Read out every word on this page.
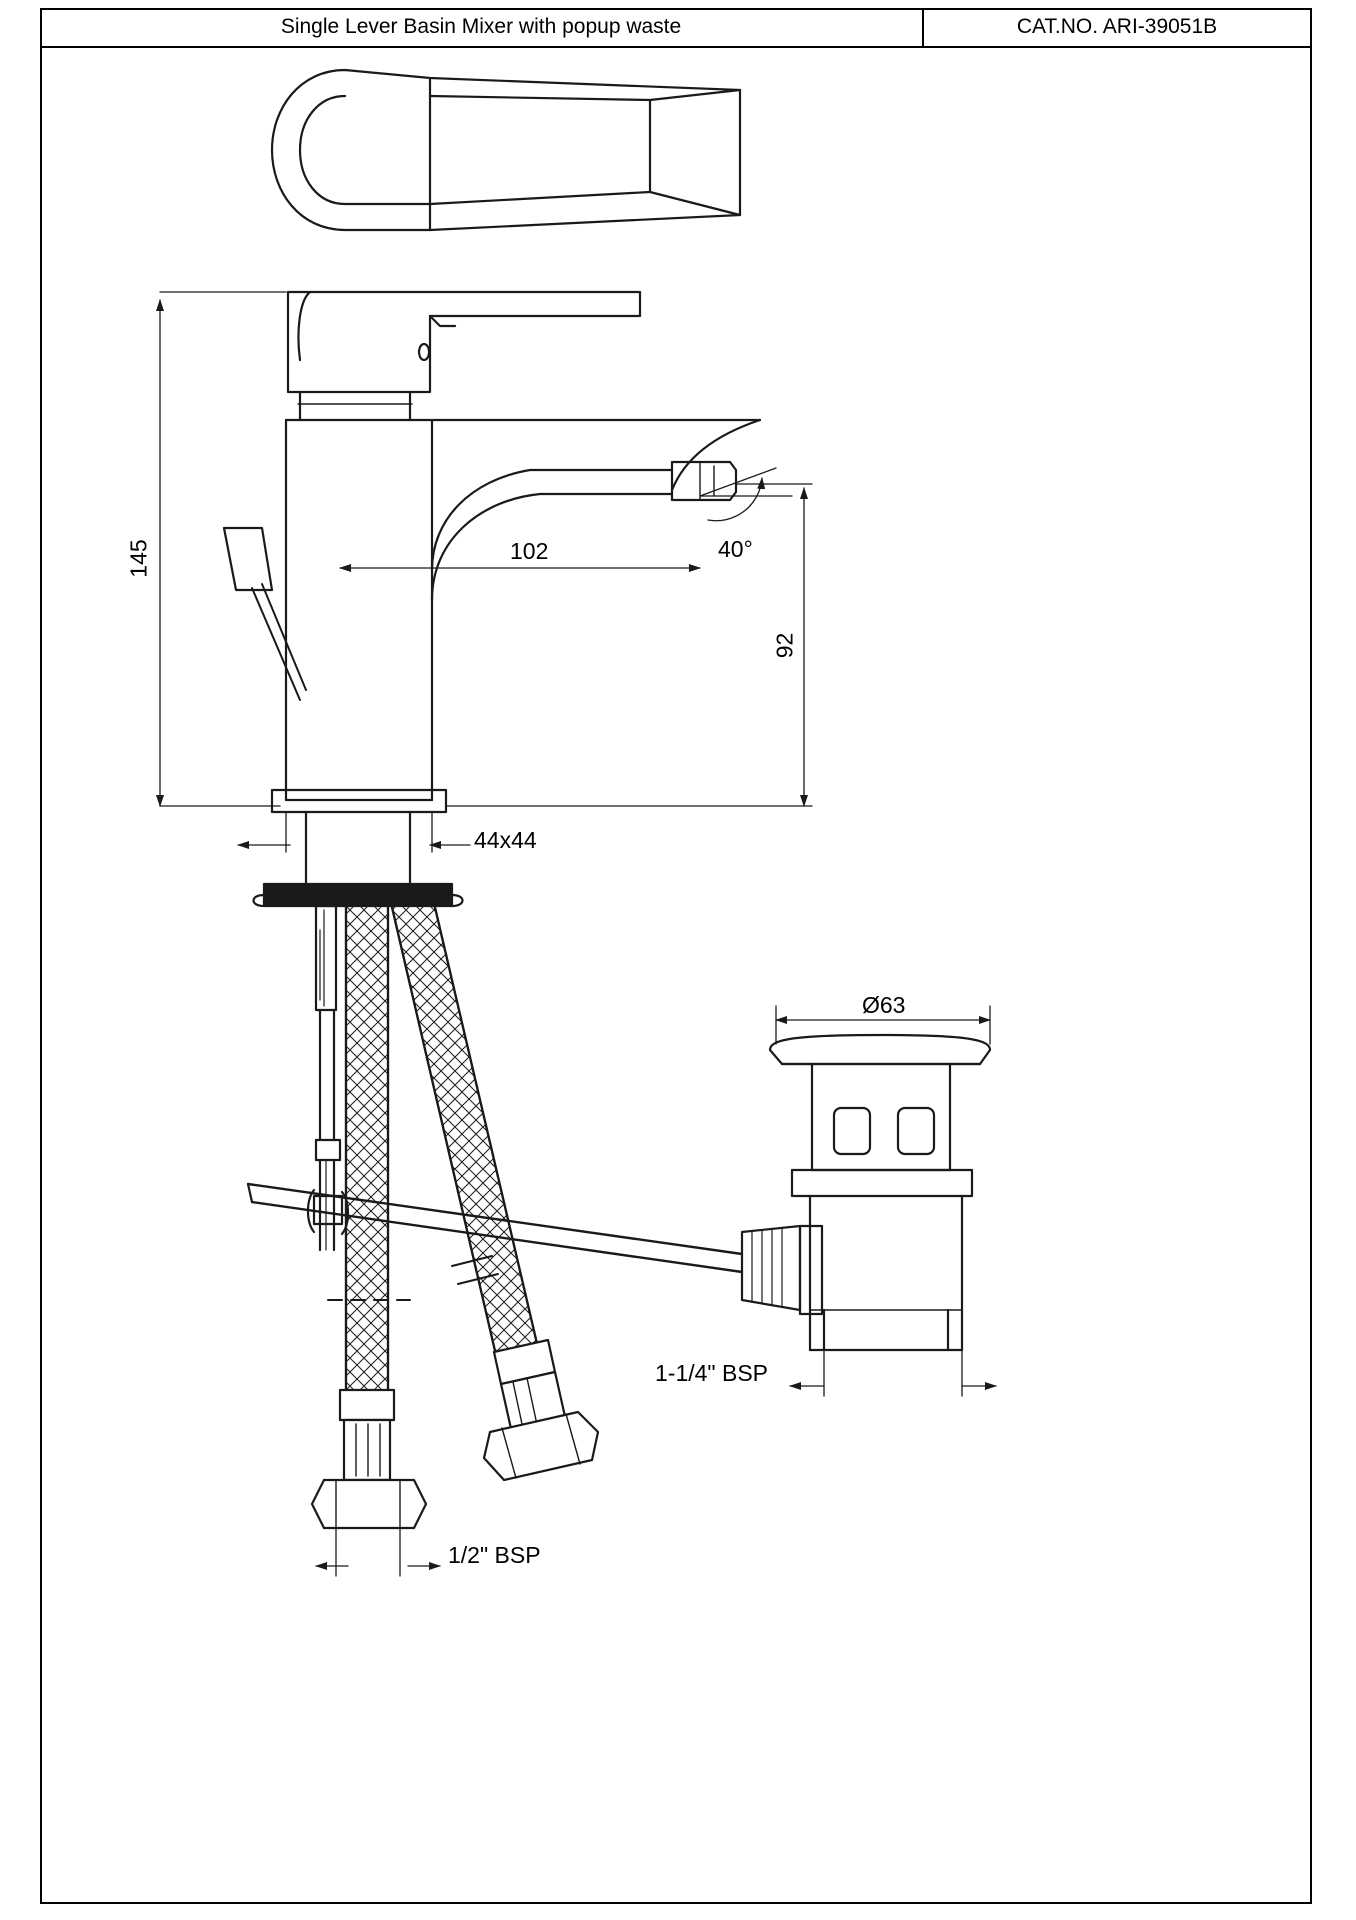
Single Lever Basin Mixer with popup waste	CAT.NO. ARI-39051B
145	102	40°
92
44x44
Ø63
1-1/4" BSP
1/2" BSP
